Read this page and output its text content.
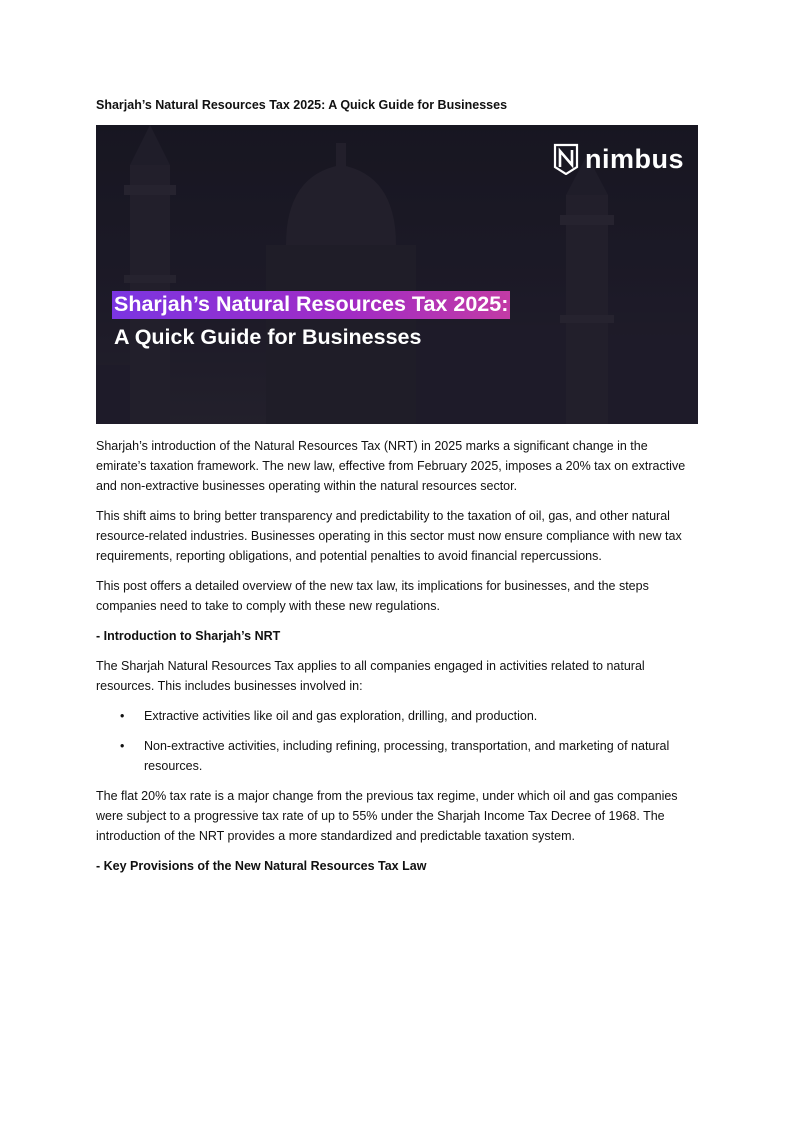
Sharjah’s Natural Resources Tax 2025: A Quick Guide for Businesses
nimbus
Sharjah’s Natural Resources Tax 2025:
A Quick Guide for Businesses

Sharjah’s introduction of the Natural Resources Tax (NRT) in 2025 marks a significant change in the emirate’s taxation framework. The new law, effective from February 2025, imposes a 20% tax on extractive and non-extractive businesses operating within the natural resources sector.

This shift aims to bring better transparency and predictability to the taxation of oil, gas, and other natural resource-related industries. Businesses operating in this sector must now ensure compliance with new tax requirements, reporting obligations, and potential penalties to avoid financial repercussions.

This post offers a detailed overview of the new tax law, its implications for businesses, and the steps companies need to take to comply with these new regulations.

- Introduction to Sharjah’s NRT

The Sharjah Natural Resources Tax applies to all companies engaged in activities related to natural resources. This includes businesses involved in:

• Extractive activities like oil and gas exploration, drilling, and production.
• Non-extractive activities, including refining, processing, transportation, and marketing of natural resources.

The flat 20% tax rate is a major change from the previous tax regime, under which oil and gas companies were subject to a progressive tax rate of up to 55% under the Sharjah Income Tax Decree of 1968. The introduction of the NRT provides a more standardized and predictable taxation system.

- Key Provisions of the New Natural Resources Tax Law
